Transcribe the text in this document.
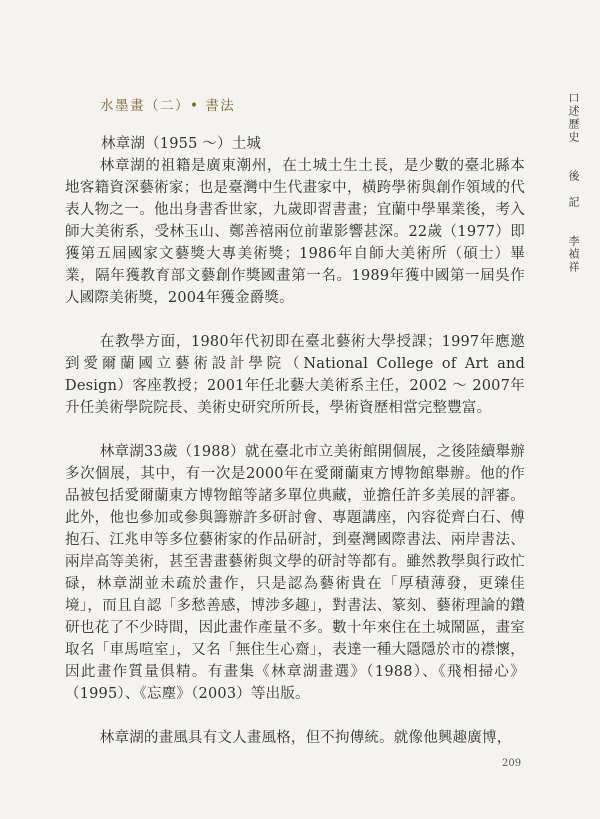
水墨畫（二）• 書法

林章湖（1955 ～）土城

林章湖的祖籍是廣東潮州，在土城土生土長，是少數的臺北縣本地客籍資深藝術家；也是臺灣中生代畫家中，橫跨學術與創作領域的代表人物之一。他出身書香世家，九歲即習書畫；宜蘭中學畢業後，考入師大美術系，受林玉山、鄭善禧兩位前輩影響甚深。22歲（1977）即獲第五屆國家文藝獎大專美術獎；1986年自師大美術所（碩士）畢業，隔年獲教育部文藝創作獎國畫第一名。1989年獲中國第一屆吳作人國際美術獎，2004年獲金爵獎。

在教學方面，1980年代初即在臺北藝術大學授課；1997年應邀到愛爾蘭國立藝術設計學院（National College of Art and Design）客座教授；2001年任北藝大美術系主任，2002 ～ 2007年升任美術學院院長、美術史研究所所長，學術資歷相當完整豐富。

林章湖33歲（1988）就在臺北市立美術館開個展，之後陸續舉辦多次個展，其中，有一次是2000年在愛爾蘭東方博物館舉辦。他的作品被包括愛爾蘭東方博物館等諸多單位典藏，並擔任許多美展的評審。此外，他也參加或參與籌辦許多研討會、專題講座，內容從齊白石、傅抱石、江兆申等多位藝術家的作品研討，到臺灣國際書法、兩岸書法、兩岸高等美術，甚至書畫藝術與文學的研討等都有。雖然教學與行政忙碌，林章湖並未疏於畫作，只是認為藝術貴在「厚積薄發，更臻佳境」，而且自認「多愁善感，博涉多趣」，對書法、篆刻、藝術理論的鑽研也花了不少時間，因此畫作產量不多。數十年來住在土城鬧區，畫室取名「車馬喧室」，又名「無住生心齋」，表達一種大隱隱於市的襟懷，因此畫作質量俱精。有畫集《林章湖畫選》（1988）、《飛相掃心》（1995）、《忘塵》（2003）等出版。

林章湖的畫風具有文人畫風格，但不拘傳統。就像他興趣廣博，

口述歷史
後　記
李禎祥
209
